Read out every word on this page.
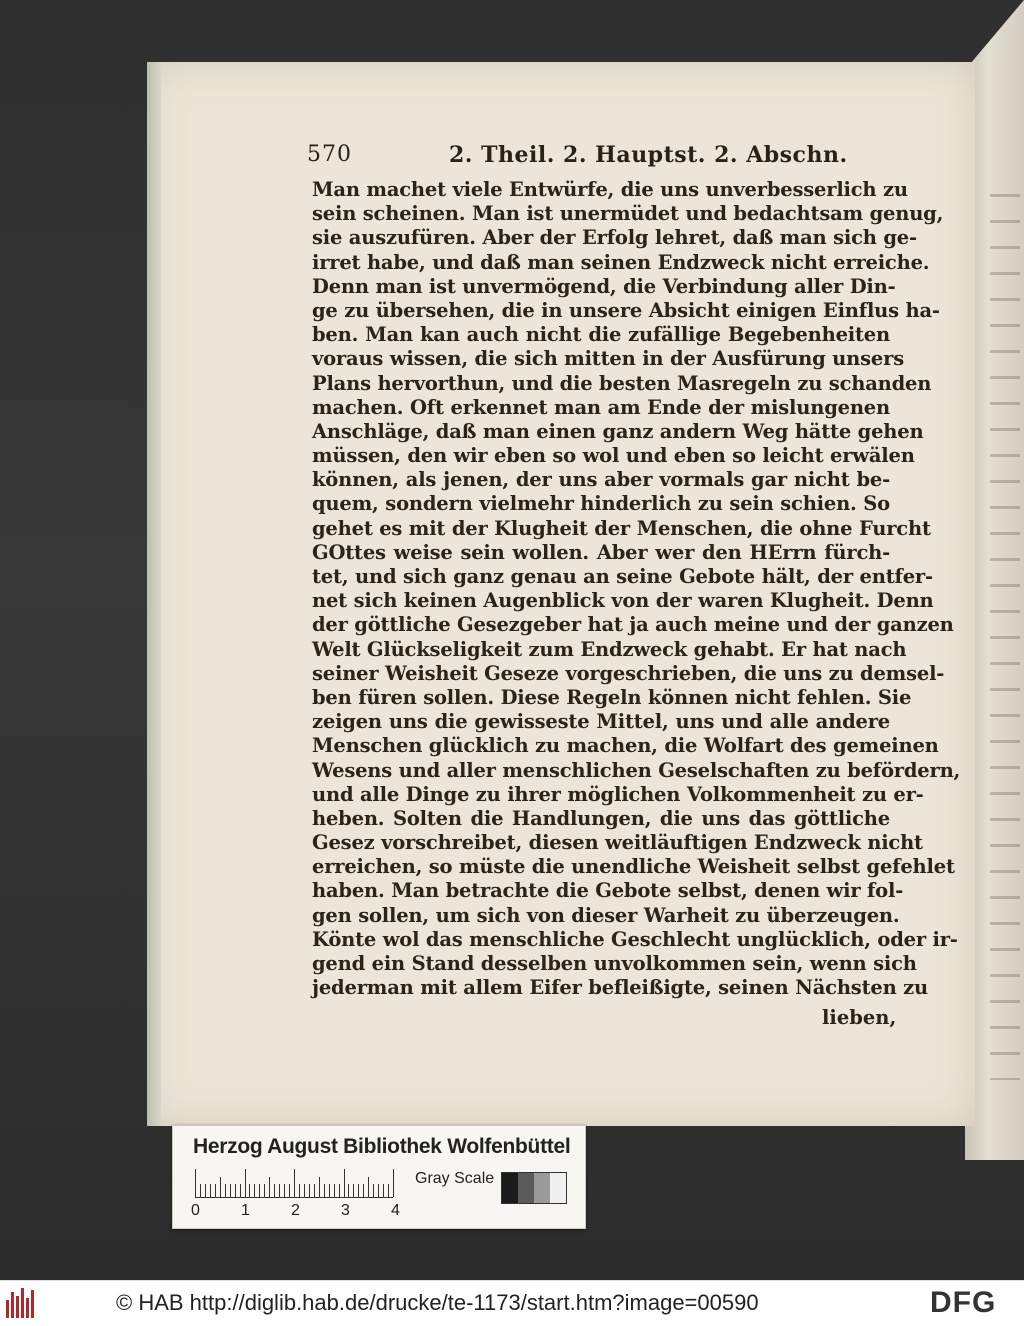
570	2. Theil. 2. Hauptst. 2. Abschn.
Man machet viele Entwürfe, die uns unverbesserlich zu
sein scheinen. Man ist unermüdet und bedachtsam genug,
sie auszufüren. Aber der Erfolg lehret, daß man sich ge-
irret habe, und daß man seinen Endzweck nicht erreiche.
Denn man ist unvermögend, die Verbindung aller Din-
ge zu übersehen, die in unsere Absicht einigen Einflus ha-
ben. Man kan auch nicht die zufällige Begebenheiten
voraus wissen, die sich mitten in der Ausfürung unsers
Plans hervorthun, und die besten Masregeln zu schanden
machen. Oft erkennet man am Ende der mislungenen
Anschläge, daß man einen ganz andern Weg hätte gehen
müssen, den wir eben so wol und eben so leicht erwälen
können, als jenen, der uns aber vormals gar nicht be-
quem, sondern vielmehr hinderlich zu sein schien. So
gehet es mit der Klugheit der Menschen, die ohne Furcht
GOttes weise sein wollen. Aber wer den HErrn fürch-
tet, und sich ganz genau an seine Gebote hält, der entfer-
net sich keinen Augenblick von der waren Klugheit. Denn
der göttliche Gesezgeber hat ja auch meine und der ganzen
Welt Glückseligkeit zum Endzweck gehabt. Er hat nach
seiner Weisheit Geseze vorgeschrieben, die uns zu demsel-
ben füren sollen. Diese Regeln können nicht fehlen. Sie
zeigen uns die gewisseste Mittel, uns und alle andere
Menschen glücklich zu machen, die Wolfart des gemeinen
Wesens und aller menschlichen Geselschaften zu befördern,
und alle Dinge zu ihrer möglichen Volkommenheit zu er-
heben. Solten die Handlungen, die uns das göttliche
Gesez vorschreibet, diesen weitläuftigen Endzweck nicht
erreichen, so müste die unendliche Weisheit selbst gefehlet
haben. Man betrachte die Gebote selbst, denen wir fol-
gen sollen, um sich von dieser Warheit zu überzeugen.
Könte wol das menschliche Geschlecht unglücklich, oder ir-
gend ein Stand desselben unvolkommen sein, wenn sich
jederman mit allem Eifer befleißigte, seinen Nächsten zu
lieben,
Herzog August Bibliothek Wolfenbüttel
0	1	2	3	4
Gray Scale
© HAB http://diglib.hab.de/drucke/te-1173/start.htm?image=00590	DFG
